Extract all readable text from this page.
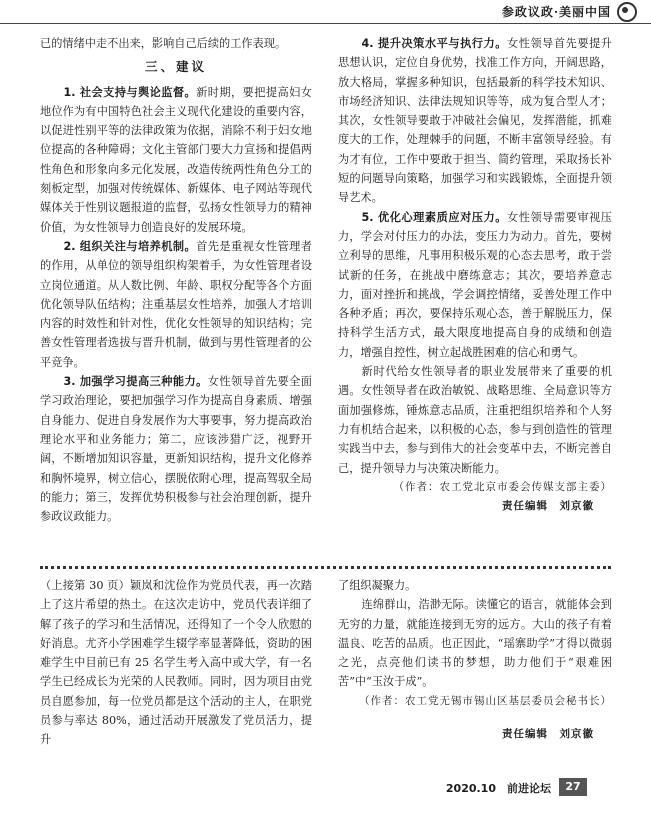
参政议政·美丽中国

已的情绪中走不出来，影响自己后续的工作表现。

三、建议

1. 社会支持与舆论监督。新时期，要把提高妇女地位作为有中国特色社会主义现代化建设的重要内容，以促进性别平等的法律政策为依据，消除不利于妇女地位提高的各种障碍；文化主管部门要大力宣扬和提倡两性角色和形象向多元化发展，改造传统两性角色分工的刻板定型，加强对传统媒体、新媒体、电子网站等现代媒体关于性别议题报道的监督，弘扬女性领导力的精神价值，为女性领导力创造良好的发展环境。

2. 组织关注与培养机制。首先是重视女性管理者的作用，从单位的领导组织构架着手，为女性管理者设立岗位通道。从人数比例、年龄、职权分配等各个方面优化领导队伍结构；注重基层女性培养，加强人才培训内容的时效性和针对性，优化女性领导的知识结构；完善女性管理者选拔与晋升机制，做到与男性管理者的公平竞争。

3. 加强学习提高三种能力。女性领导首先要全面学习政治理论，要把加强学习作为提高自身素质、增强自身能力、促进自身发展作为大事要事，努力提高政治理论水平和业务能力；第二，应该涉猎广泛，视野开阔，不断增加知识容量，更新知识结构，提升文化修养和胸怀境界，树立信心，摆脱依附心理，提高驾驭全局的能力；第三，发挥优势积极参与社会治理创新，提升参政议政能力。

4. 提升决策水平与执行力。女性领导首先要提升思想认识，定位自身优势，找准工作方向，开阔思路，放大格局，掌握多种知识，包括最新的科学技术知识、市场经济知识、法律法规知识等等，成为复合型人才；其次，女性领导要敢于冲破社会偏见，发挥潜能，抓难度大的工作，处理棘手的问题，不断丰富领导经验。有为才有位，工作中要敢于担当、简约管理，采取扬长补短的问题导向策略，加强学习和实践锻炼，全面提升领导艺术。

5. 优化心理素质应对压力。女性领导需要审视压力，学会对付压力的办法，变压力为动力。首先，要树立利导的思维，凡事用积极乐观的心态去思考，敢于尝试新的任务，在挑战中磨练意志；其次，要培养意志力，面对挫折和挑战，学会调控情绪，妥善处理工作中各种矛盾；再次，要保持乐观心态，善于解脱压力，保持科学生活方式，最大限度地提高自身的成绩和创造力，增强自控性，树立起战胜困难的信心和勇气。

新时代给女性领导者的职业发展带来了重要的机遇。女性领导者在政治敏锐、战略思维、全局意识等方面加强修炼，锤炼意志品质，注重把组织培养和个人努力有机结合起来，以积极的心态，参与到创造性的管理实践当中去，参与到伟大的社会变革中去，不断完善自己，提升领导力与决策决断能力。

（作者：农工党北京市委会传媒支部主委）
责任编辑　刘京徽

（上接第 30 页）颖岚和沈俭作为党员代表，再一次踏上了这片希望的热土。在这次走访中，党员代表详细了解了孩子的学习和生活情况，还得知了一个令人欣慰的好消息。尤齐小学困难学生辍学率显著降低，资助的困难学生中目前已有 25 名学生考入高中或大学，有一名学生已经成长为光荣的人民教师。同时，因为项目由党员自愿参加，每一位党员都是这个活动的主人，在职党员参与率达 80%，通过活动开展激发了党员活力，提升

了组织凝聚力。

连绵群山，浩渺无际。读懂它的语言，就能体会到无穷的力量，就能连接到无穷的远方。大山的孩子有着温良、吃苦的品质。也正因此，“瑶寨助学”才得以微弱之光，点亮他们读书的梦想，助力他们于“艰难困苦”中“玉汝于成”。

（作者：农工党无锡市锡山区基层委员会秘书长）
责任编辑　刘京徽
2020.10　前进论坛	27
